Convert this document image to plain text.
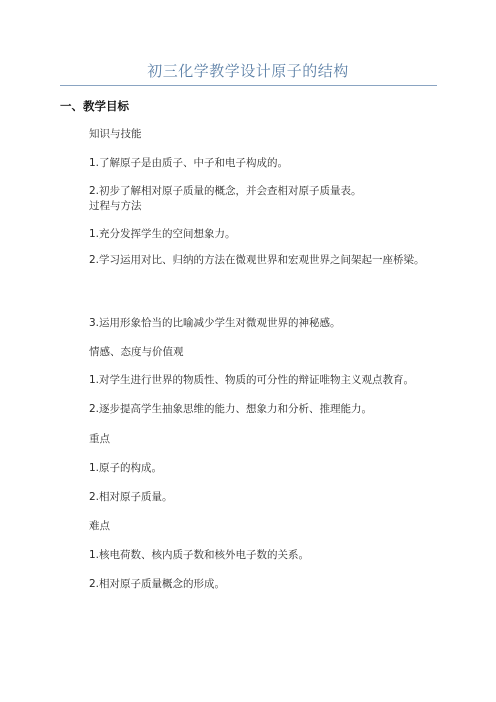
初三化学教学设计原子的结构
一、教学目标
知识与技能
1.了解原子是由质子、中子和电子构成的。
2.初步了解相对原子质量的概念，并会查相对原子质量表。
过程与方法
1.充分发挥学生的空间想象力。
2.学习运用对比、归纳的方法在微观世界和宏观世界之间架起一座桥梁。
3.运用形象恰当的比喻减少学生对微观世界的神秘感。
情感、态度与价值观
1.对学生进行世界的物质性、物质的可分性的辩证唯物主义观点教育。
2.逐步提高学生抽象思维的能力、想象力和分析、推理能力。
重点
1.原子的构成。
2.相对原子质量。
难点
1.核电荷数、核内质子数和核外电子数的关系。
2.相对原子质量概念的形成。
